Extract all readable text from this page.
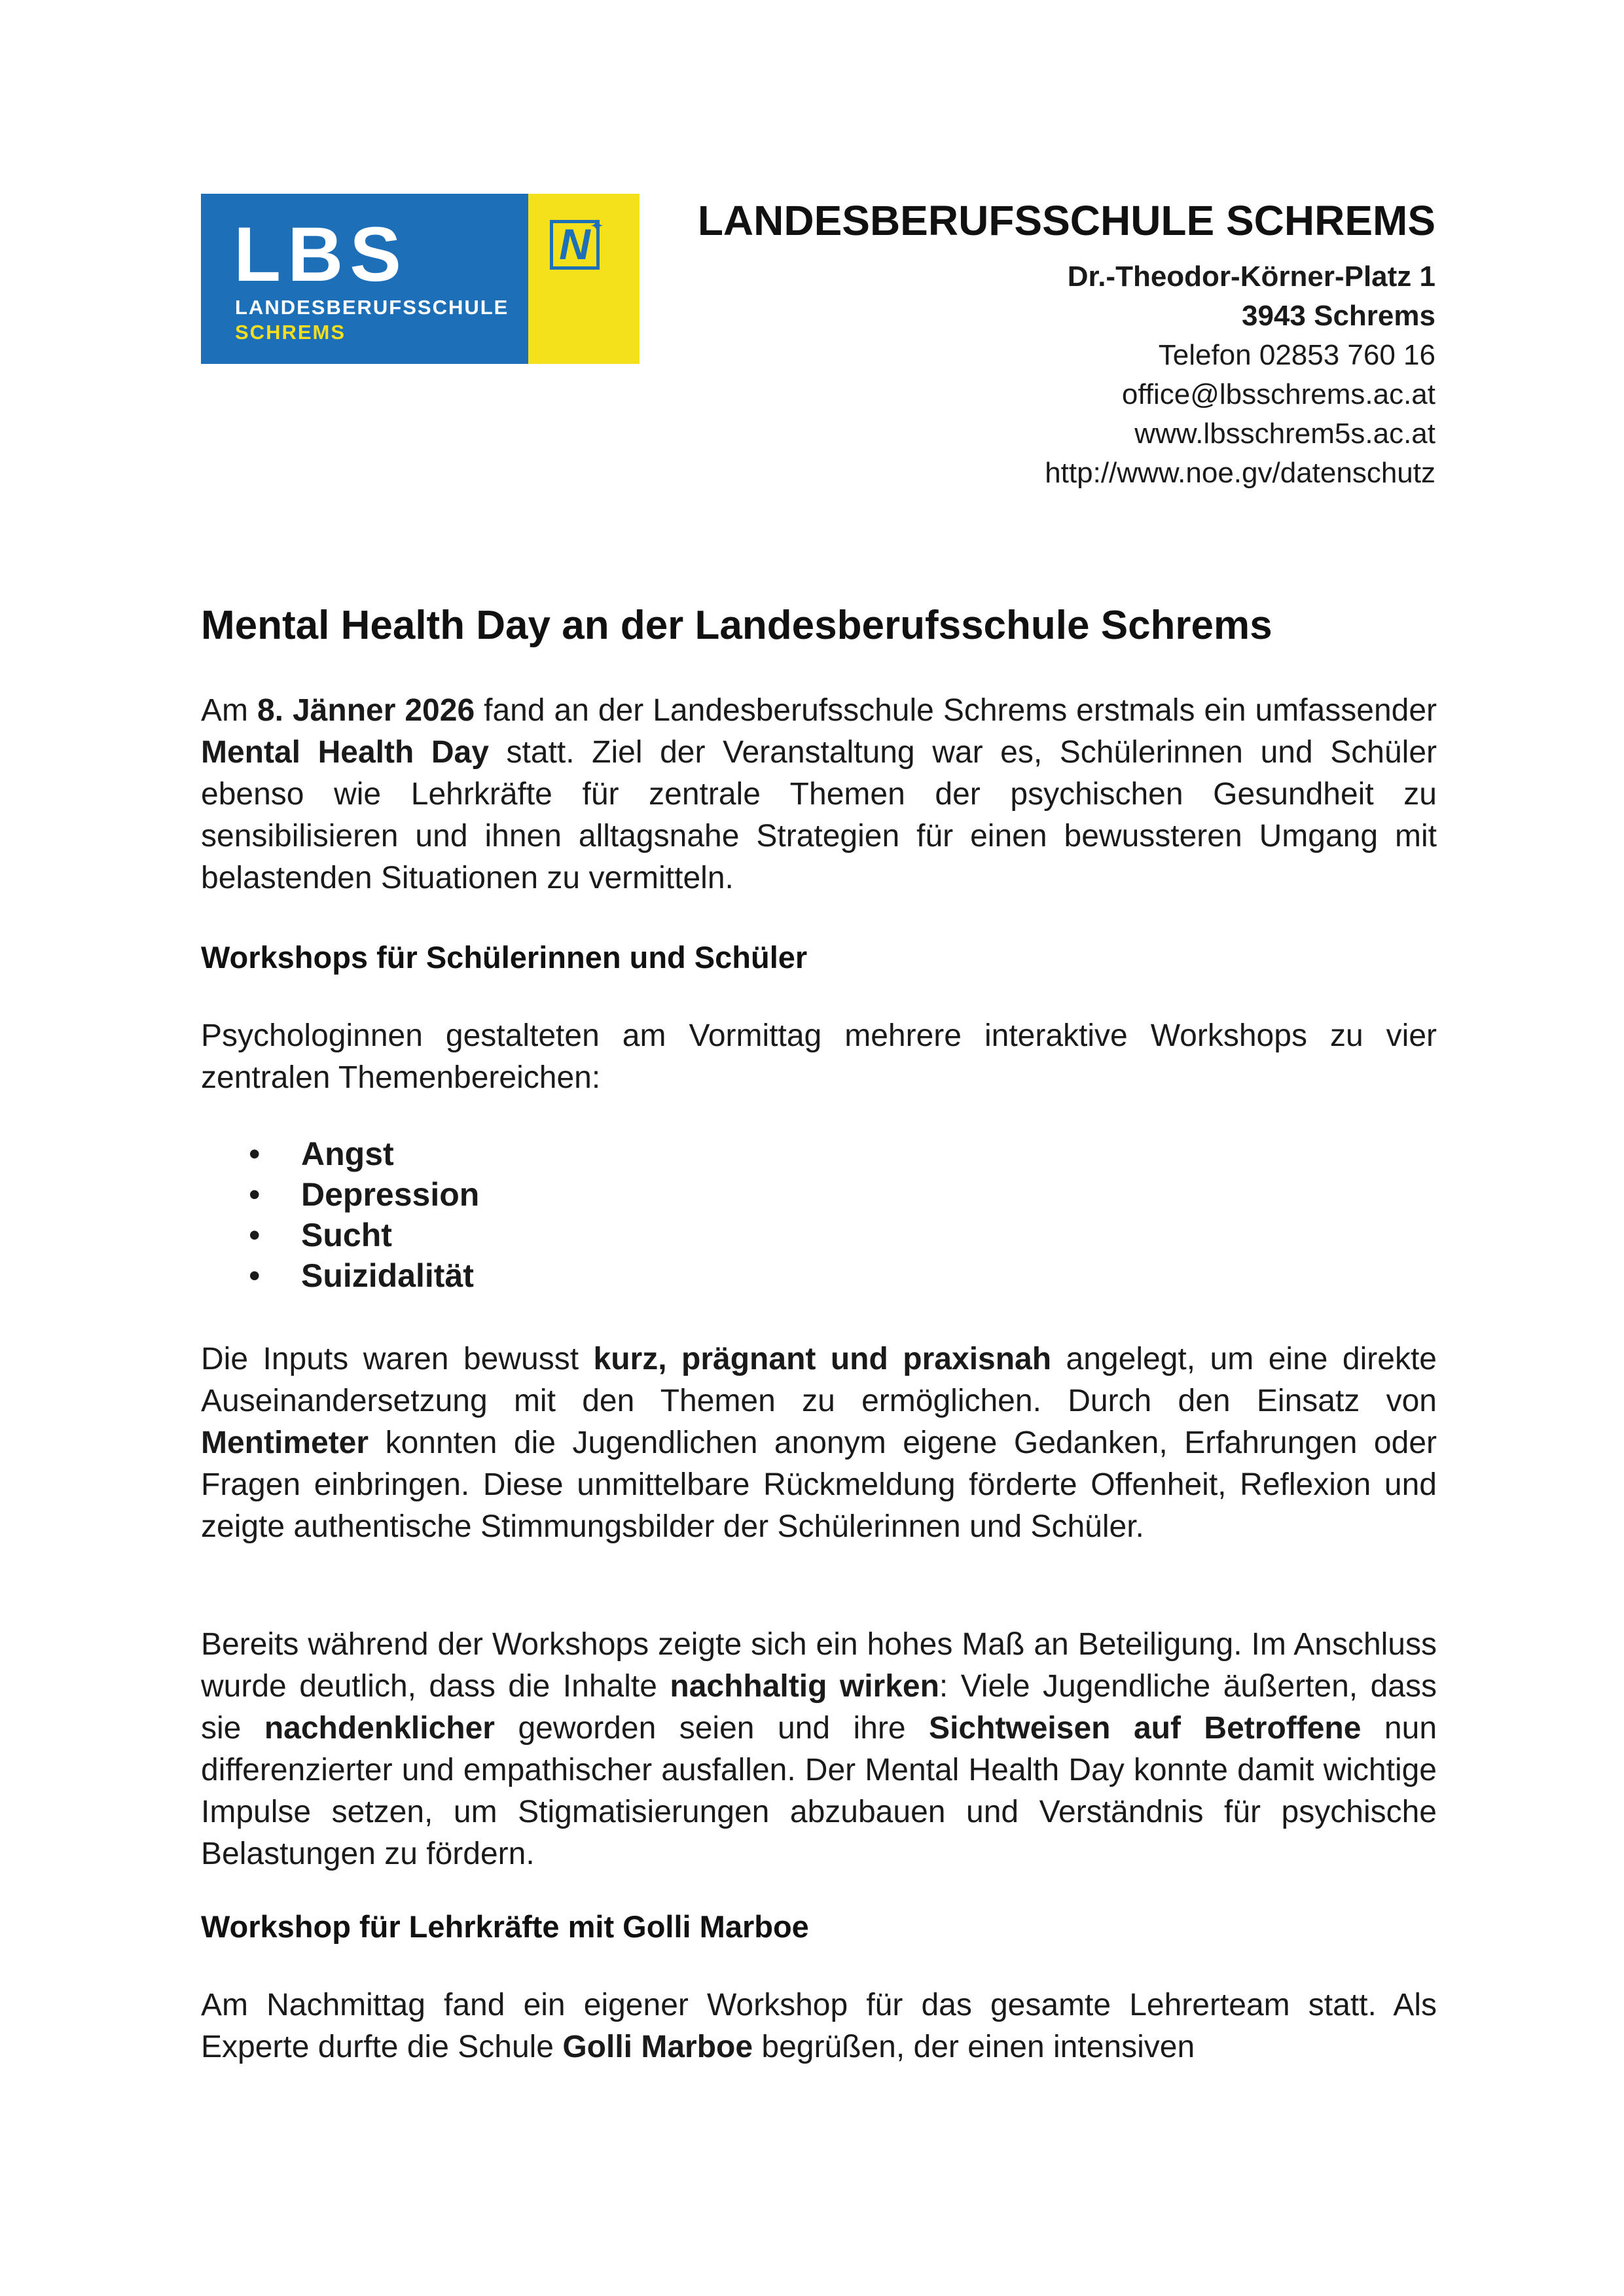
LBS
LANDESBERUFSSCHULE
SCHREMS
N ✦ LANDESBERUFSSCHULE SCHREMS
Dr.-Theodor-Körner-Platz 1
3943 Schrems
Telefon 02853 760 16
office@lbsschrems.ac.at
www.lbsschrem5s.ac.at
http://www.noe.gv/datenschutz
Mental Health Day an der Landesberufsschule Schrems
Am 8. Jänner 2026 fand an der Landesberufsschule Schrems erstmals ein umfassender Mental Health Day statt. Ziel der Veranstaltung war es, Schülerinnen und Schüler ebenso wie Lehrkräfte für zentrale Themen der psychischen Gesundheit zu sensibilisieren und ihnen alltagsnahe Strategien für einen bewussteren Umgang mit belastenden Situationen zu vermitteln.
Workshops für Schülerinnen und Schüler
Psychologinnen gestalteten am Vormittag mehrere interaktive Workshops zu vier zentralen Themenbereichen:
• Angst
• Depression
• Sucht
• Suizidalität
Die Inputs waren bewusst kurz, prägnant und praxisnah angelegt, um eine direkte Auseinandersetzung mit den Themen zu ermöglichen. Durch den Einsatz von Mentimeter konnten die Jugendlichen anonym eigene Gedanken, Erfahrungen oder Fragen einbringen. Diese unmittelbare Rückmeldung förderte Offenheit, Reflexion und zeigte authentische Stimmungsbilder der Schülerinnen und Schüler.
Bereits während der Workshops zeigte sich ein hohes Maß an Beteiligung. Im Anschluss wurde deutlich, dass die Inhalte nachhaltig wirken: Viele Jugendliche äußerten, dass sie nachdenklicher geworden seien und ihre Sichtweisen auf Betroffene nun differenzierter und empathischer ausfallen. Der Mental Health Day konnte damit wichtige Impulse setzen, um Stigmatisierungen abzubauen und Verständnis für psychische Belastungen zu fördern.
Workshop für Lehrkräfte mit Golli Marboe
Am Nachmittag fand ein eigener Workshop für das gesamte Lehrerteam statt. Als Experte durfte die Schule Golli Marboe begrüßen, der einen intensiven
